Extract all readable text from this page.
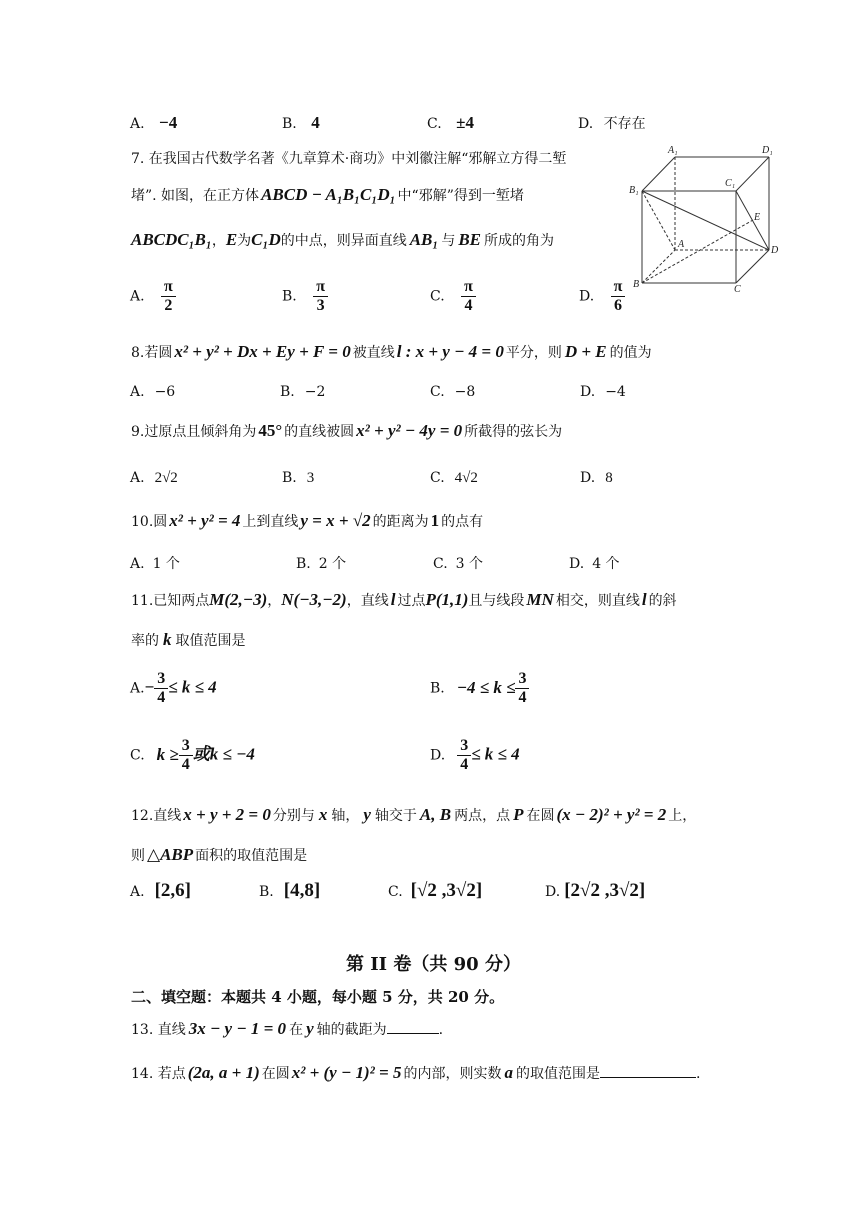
A. −4	B. 4	C. ±4	D. 不存在
7. 在我国古代数学名著《九章算术·商功》中刘徽注解“邪解立方得二堑
堵”. 如图，在正方体 ABCD − A₁B₁C₁D₁ 中“邪解”得到一堑堵
ABCDC₁B₁，E为C₁D的中点，则异面直线 AB₁ 与 BE 所成的角为
A. $\frac{\pi}{2}$	B. $\frac{\pi}{3}$	C. $\frac{\pi}{4}$	D. $\frac{\pi}{6}$
A₁	D₁
B₁
C₁
E
A
D
B	C
8.若圆 x² + y² + Dx + Ey + F = 0 被直线 l : x + y − 4 = 0 平分，则 D + E 的值为
A. −6	B. −2	C. −8	D. −4
9.过原点且倾斜角为 45° 的直线被圆 x² + y² − 4y = 0 所截得的弦长为
A. 2√2	B. 3	C. 4√2	D. 8
10.圆 x² + y² = 4 上到直线 y = x + √2 的距离为 1 的点有
A. 1 个	B. 2 个	C. 3 个	D. 4 个
11.已知两点M(2,−3)，N(−3,−2)，直线 l 过点P(1,1)且与线段 MN 相交，则直线 l 的斜
率的 k 取值范围是
$A.- \frac{3}{4} \le k \le 4$	B. $-4 \le k \le \frac{3}{4}$
C. $k \ge \frac{3}{4}$ 或k ≤ −4	D. $\frac{3}{4} \le k \le 4$
12.直线 x + y + 2 = 0 分别与 x 轴， y 轴交于 A, B 两点，点 P 在圆 (x − 2)² + y² = 2 上，
则 △ABP 面积的取值范围是
A. [2,6]	B. [4,8]	C. [√2 ,3√2]	D. [2√2 ,3√2]
第 II 卷（共 90 分）
二、填空题：本题共 4 小题，每小题 5 分，共 20 分。
13. 直线 3x − y − 1 = 0 在 y 轴的截距为	.
14. 若点 (2a, a + 1) 在圆 x² + (y − 1)² = 5 的内部，则实数 a 的取值范围是	.
